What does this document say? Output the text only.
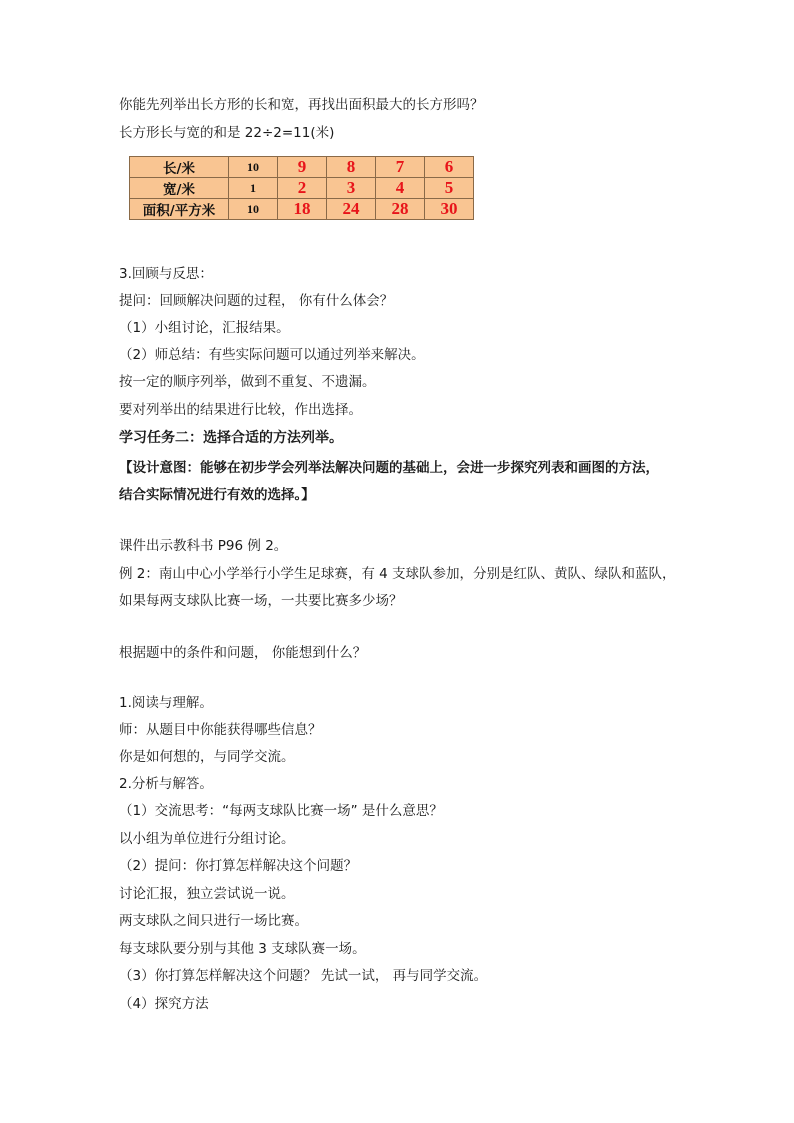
你能先列举出长方形的长和宽，再找出面积最大的长方形吗？
长方形长与宽的和是 22÷2=11(米)
长/米	10	9	8	7	6
宽/米	1	2	3	4	5
面积/平方米	10	18	24	28	30
3.回顾与反思：
提问：回顾解决问题的过程， 你有什么体会？
（1）小组讨论，汇报结果。
（2）师总结：有些实际问题可以通过列举来解决。
按一定的顺序列举，做到不重复、不遗漏。
要对列举出的结果进行比较，作出选择。
学习任务二：选择合适的方法列举。
【设计意图：能够在初步学会列举法解决问题的基础上，会进一步探究列表和画图的方法，
结合实际情况进行有效的选择。】
课件出示教科书 P96 例 2。
例 2：南山中心小学举行小学生足球赛，有 4 支球队参加，分别是红队、黄队、绿队和蓝队，
如果每两支球队比赛一场，一共要比赛多少场？
根据题中的条件和问题， 你能想到什么？
1.阅读与理解。
师：从题目中你能获得哪些信息？
你是如何想的，与同学交流。
2.分析与解答。
（1）交流思考：“每两支球队比赛一场” 是什么意思？
以小组为单位进行分组讨论。
（2）提问：你打算怎样解决这个问题？
讨论汇报，独立尝试说一说。
两支球队之间只进行一场比赛。
每支球队要分别与其他 3 支球队赛一场。
（3）你打算怎样解决这个问题？ 先试一试， 再与同学交流。
（4）探究方法
